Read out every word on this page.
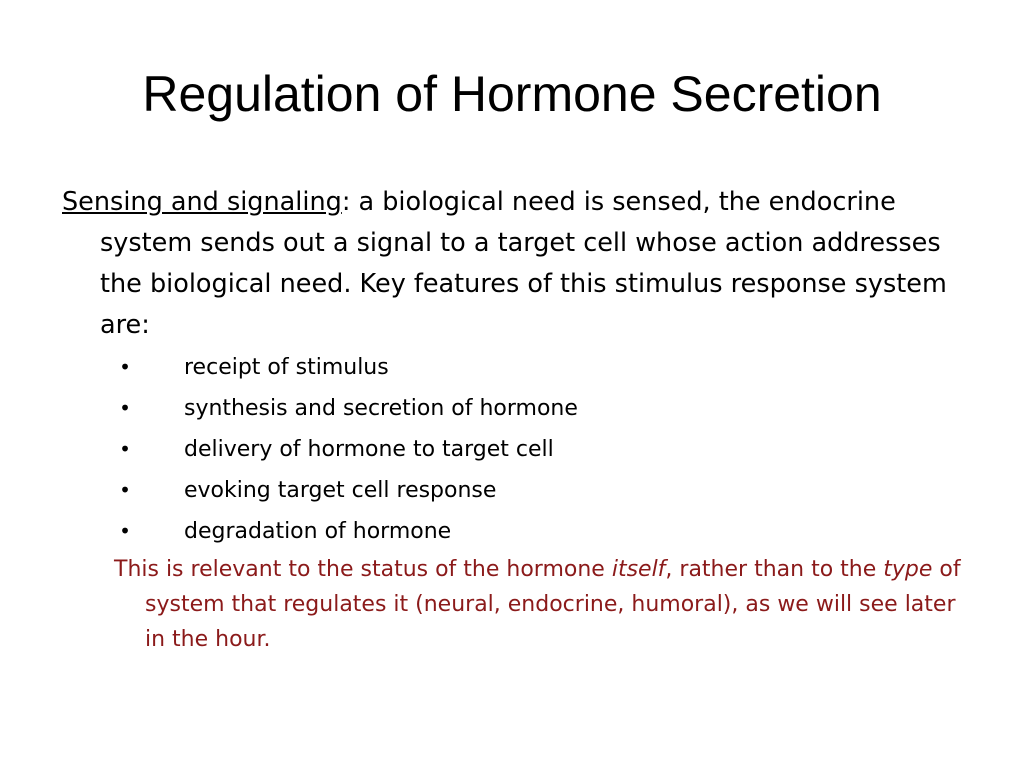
Regulation of Hormone Secretion

Sensing and signaling: a biological need is sensed, the endocrine system sends out a signal to a target cell whose action addresses the biological need. Key features of this stimulus response system are:

• receipt of stimulus
• synthesis and secretion of hormone
• delivery of hormone to target cell
• evoking target cell response
• degradation of hormone

This is relevant to the status of the hormone itself, rather than to the type of system that regulates it (neural, endocrine, humoral), as we will see later in the hour.
